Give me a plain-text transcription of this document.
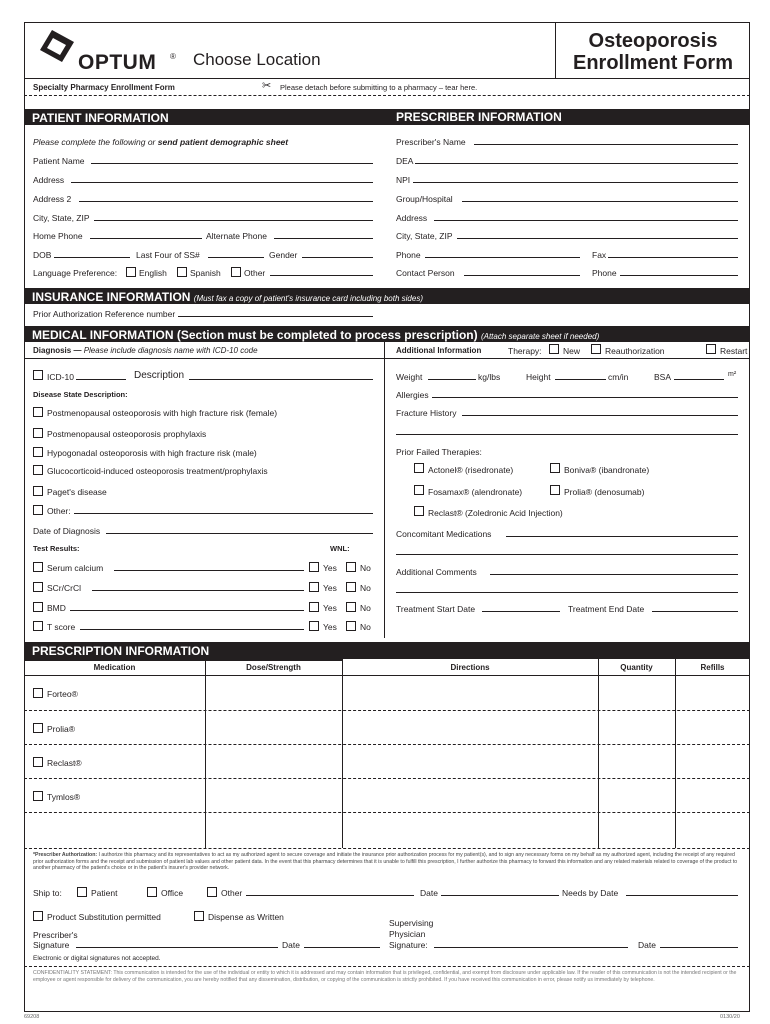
OPTUM ® Choose Location
Osteoporosis
Enrollment Form
Specialty Pharmacy Enrollment Form	✂ Please detach before submitting to a pharmacy – tear here.
PATIENT INFORMATION	PRESCRIBER INFORMATION
Please complete the following or send patient demographic sheet
Patient Name
Address
Address 2
City, State, ZIP
Home Phone	Alternate Phone
DOB	Last Four of SS#	Gender
Language Preference:	English	Spanish	Other
Prescriber's Name
DEA
NPI
Group/Hospital
Address
City, State, ZIP
Phone	Fax
Contact Person	Phone
INSURANCE INFORMATION (Must fax a copy of patient's insurance card including both sides)
Prior Authorization Reference number
MEDICAL INFORMATION (Section must be completed to process prescription) (Attach separate sheet if needed)
Diagnosis — Please include diagnosis name with ICD-10 code	Additional Information	Therapy:	New	Reauthorization	Restart
ICD-10	Description
Disease State Description:
Postmenopausal osteoporosis with high fracture risk (female)
Postmenopausal osteoporosis prophylaxis
Hypogonadal osteoporosis with high fracture risk (male)
Glucocorticoid-induced osteoporosis treatment/prophylaxis
Paget's disease
Other:
Date of Diagnosis
Test Results:	WNL:
Serum calcium	Yes	No
SCr/CrCl	Yes	No
BMD	Yes	No
T score	Yes	No
Weight	kg/lbs	Height	cm/in	BSA	m²
Allergies
Fracture History
Prior Failed Therapies:
Actonel® (risedronate)	Boniva® (ibandronate)
Fosamax® (alendronate)	Prolia® (denosumab)
Reclast® (Zoledronic Acid Injection)
Concomitant Medications
Additional Comments
Treatment Start Date	Treatment End Date
PRESCRIPTION INFORMATION
Medication	Dose/Strength	Directions	Quantity	Refills
Forteo®
Prolia®
Reclast®
Tymlos®
*Prescriber Authorization: I authorize this pharmacy and its representatives to act as my authorized agent to secure coverage and initiate the insurance prior authorization process for my patient(s), and to sign any necessary forms on my behalf as my authorized agent, including the receipt of any required prior authorization forms and the receipt and submission of patient lab values and other patient data. In the event that this pharmacy determines that it is unable to fulfill this prescription, I further authorize this pharmacy to forward this information and any related materials related to coverage of the product to another pharmacy of the patient's choice or in the patient's insurer's provider network.
Ship to:	Patient	Office	Other	Date	Needs by Date
Product Substitution permitted	Dispense as Written
Prescriber's
Signature	Date
Supervising
Physician
Signature:	Date
Electronic or digital signatures not accepted.
CONFIDENTIALITY STATEMENT: This communication is intended for the use of the individual or entity to which it is addressed and may contain information that is privileged, confidential, and exempt from disclosure under applicable law. If the reader of this communication is not the intended recipient or the employee or agent responsible for delivery of the communication, you are hereby notified that any dissemination, distribution, or copying of the communication is strictly prohibited. If you have received this communication in error, please notify us immediately by telephone.
69208	0130/20
